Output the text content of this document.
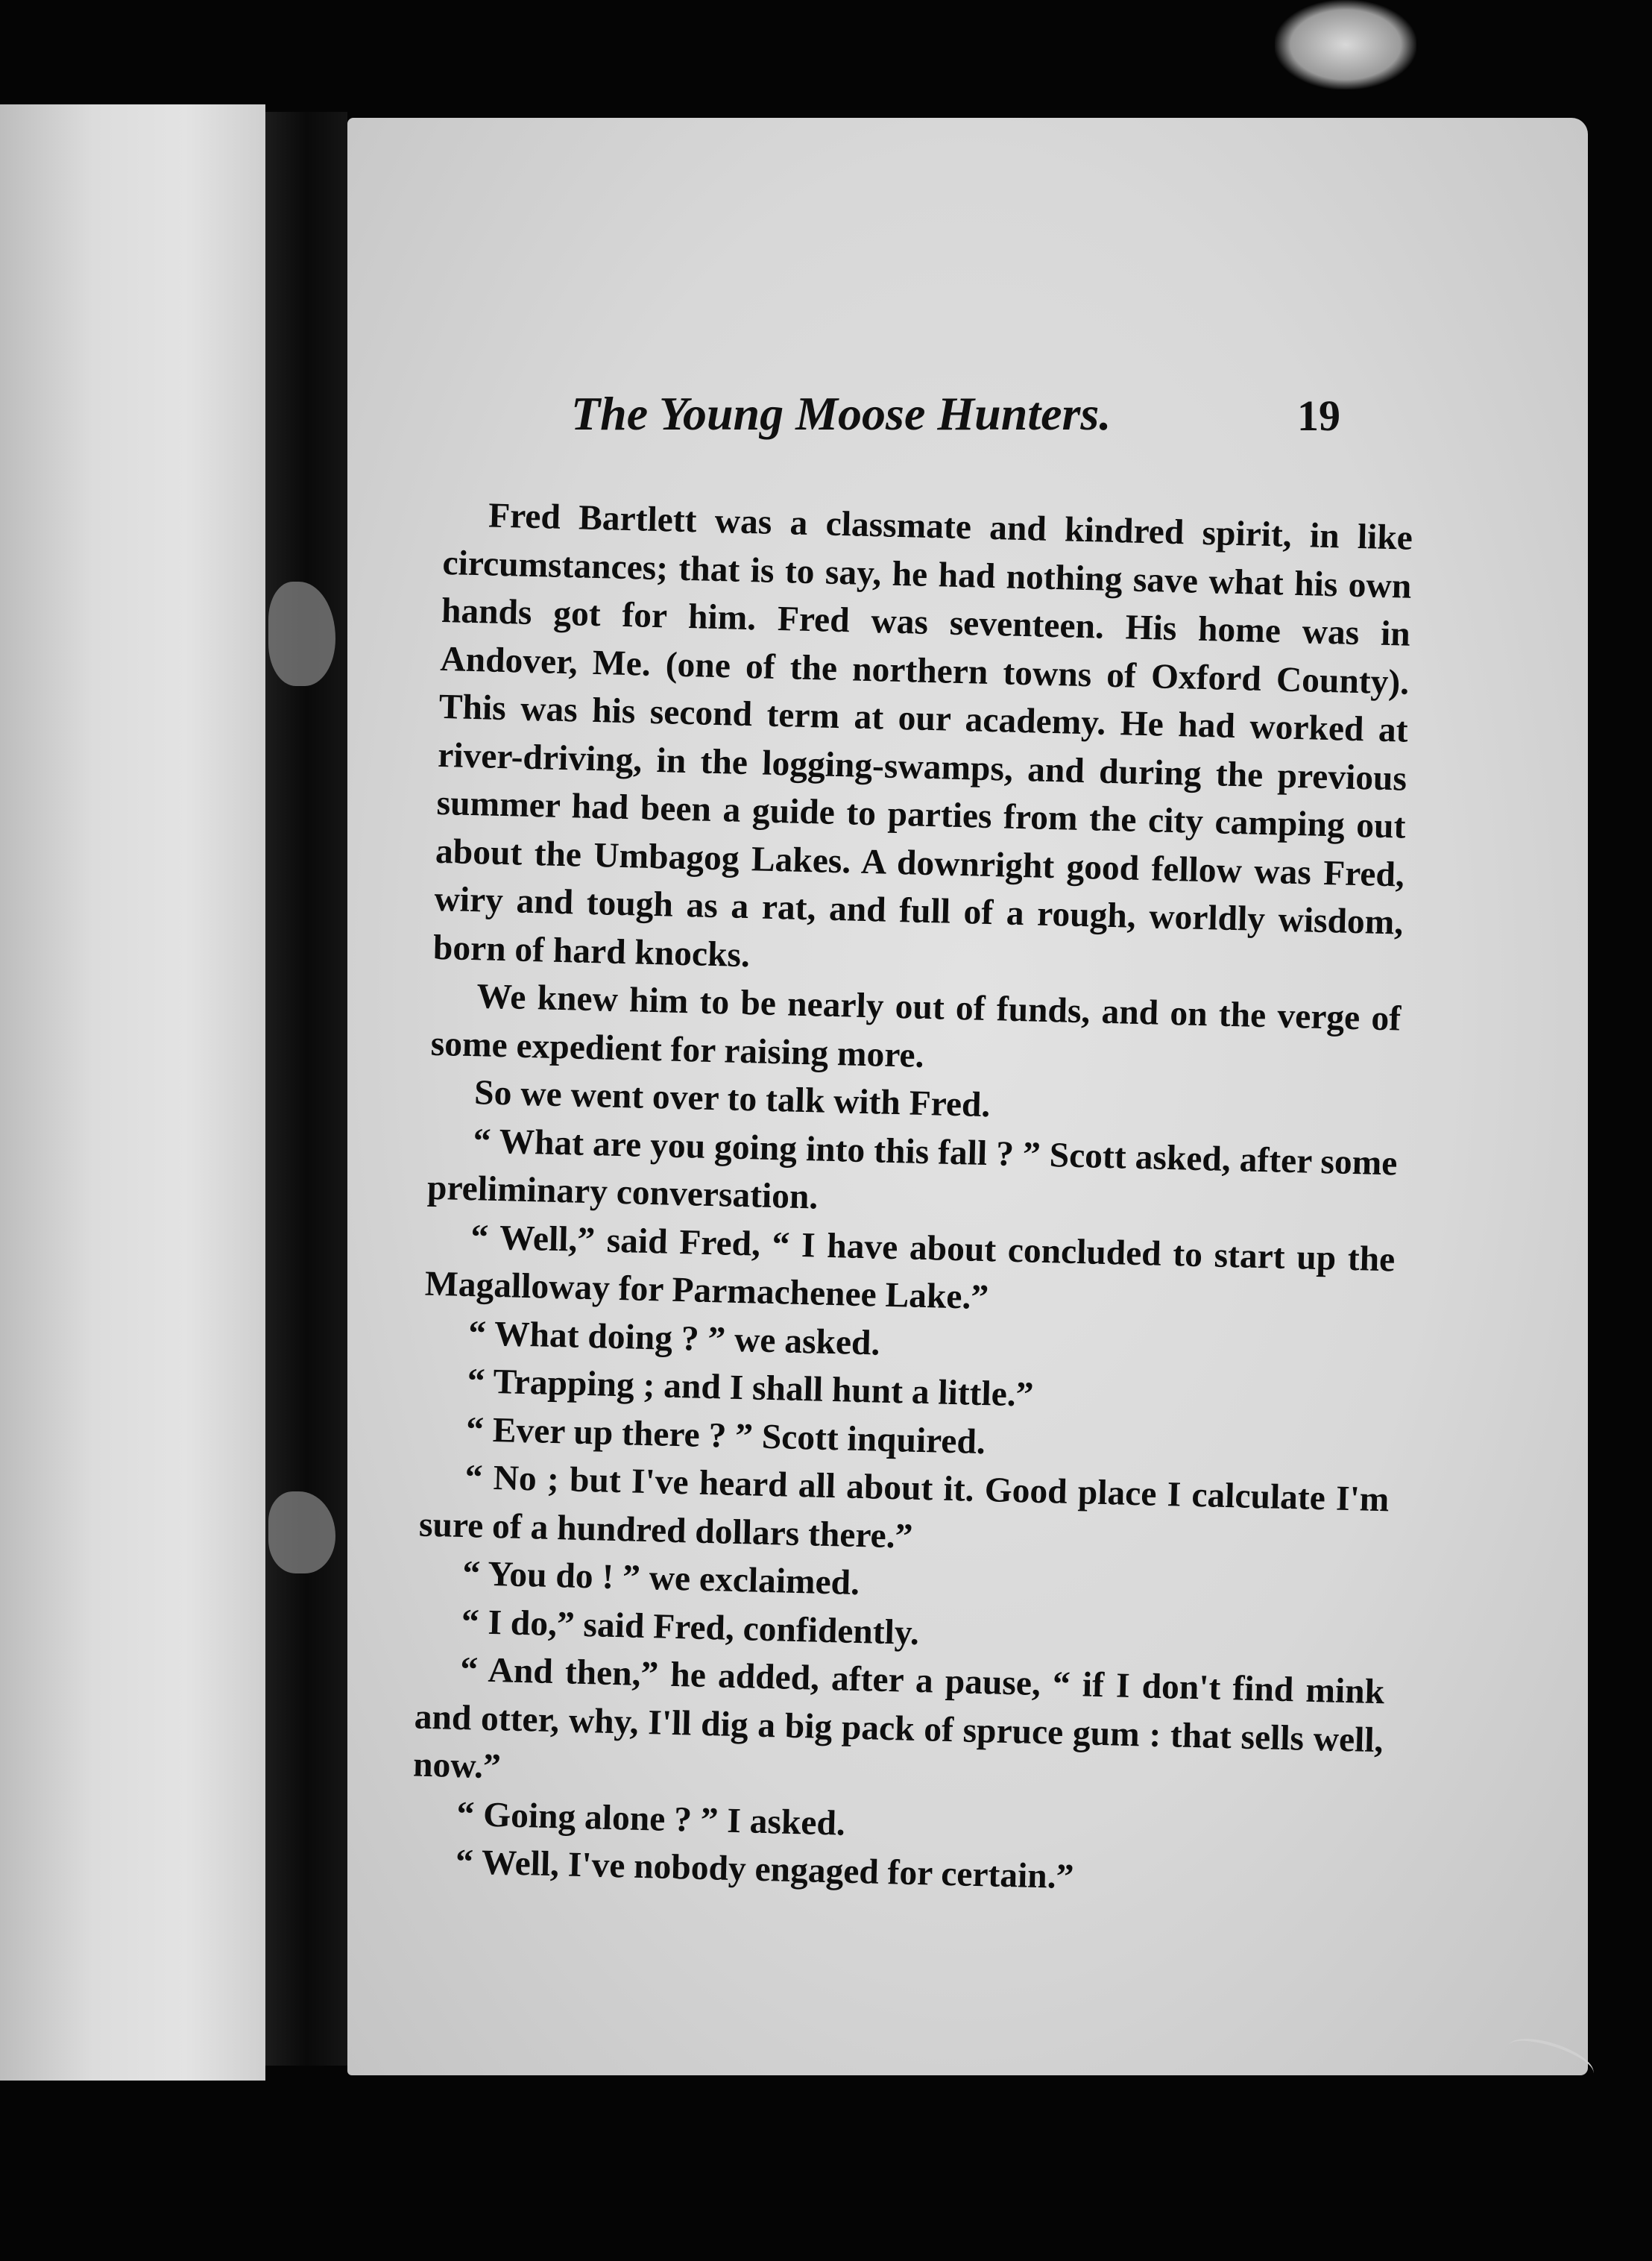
The Young Moose Hunters.	19

Fred Bartlett was a classmate and kindred spirit, in like circumstances; that is to say, he had nothing save what his own hands got for him. Fred was seventeen. His home was in Andover, Me. (one of the northern towns of Oxford County). This was his second term at our academy. He had worked at river-driving, in the logging-swamps, and during the previous summer had been a guide to parties from the city camping out about the Umbagog Lakes. A downright good fellow was Fred, wiry and tough as a rat, and full of a rough, worldly wisdom, born of hard knocks.

We knew him to be nearly out of funds, and on the verge of some expedient for raising more.

So we went over to talk with Fred.

“ What are you going into this fall ? ” Scott asked, after some preliminary conversation.

“ Well,” said Fred, “ I have about concluded to start up the Magalloway for Parmachenee Lake.”

“ What doing ? ” we asked.

“ Trapping ; and I shall hunt a little.”

“ Ever up there ? ” Scott inquired.

“ No ; but I've heard all about it. Good place I calculate I'm sure of a hundred dollars there.”

“ You do ! ” we exclaimed.

“ I do,” said Fred, confidently.

“ And then,” he added, after a pause, “ if I don't find mink and otter, why, I'll dig a big pack of spruce gum : that sells well, now.”

“ Going alone ? ” I asked.

“ Well, I've nobody engaged for certain.”
